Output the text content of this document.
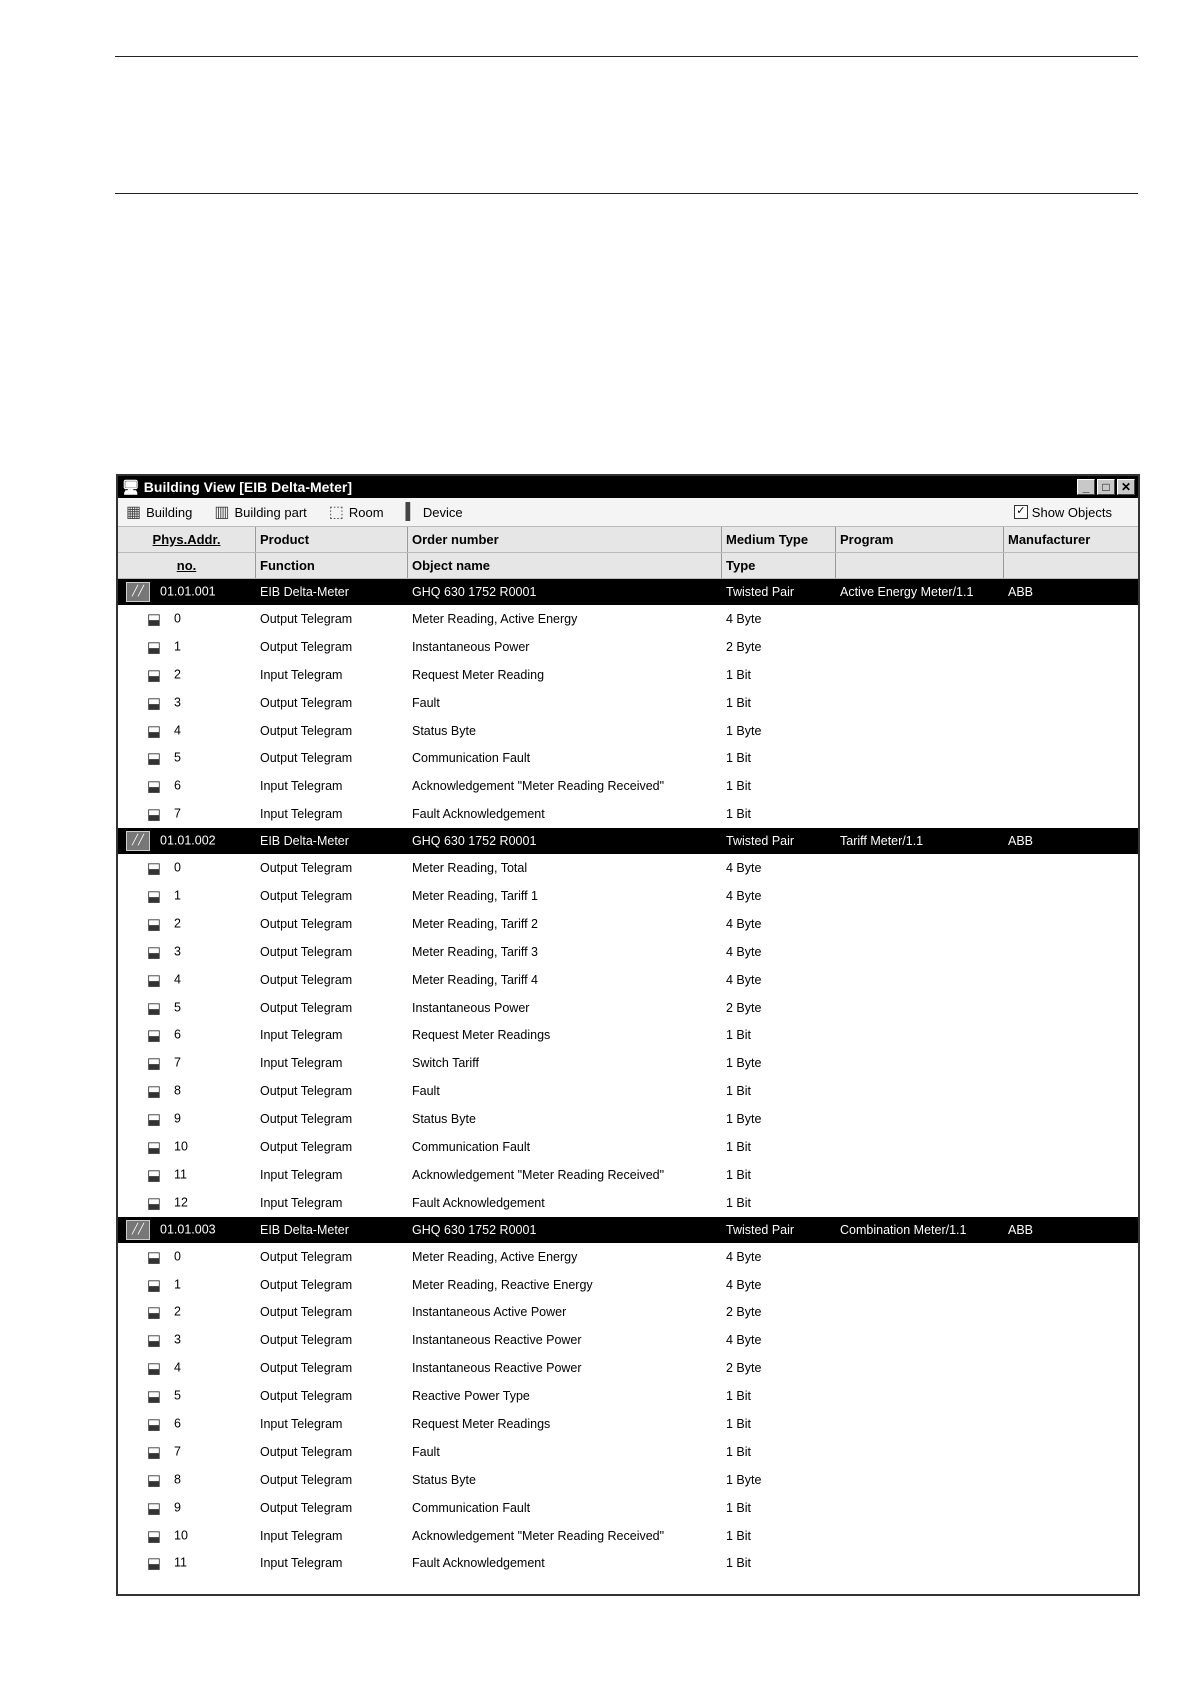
🖥 Building View [EIB Delta-Meter]	_	□ ✕
▦ Building ▥ Building part ⬚ Room ▍ Device	✓ Show Objects
Phys.Addr.	Product	Order number	Medium Type	Program	Manufacturer
no.	Function	Object name	Type
╱╱ 01.01.001	EIB Delta-Meter	GHQ 630 1752 R0001	Twisted Pair	Active Energy Meter/1.1	ABB
⬓ 0	Output Telegram	Meter Reading, Active Energy	4 Byte
⬓ 1	Output Telegram	Instantaneous Power	2 Byte
⬓ 2	Input Telegram	Request Meter Reading	1 Bit
⬓ 3	Output Telegram	Fault	1 Bit
⬓ 4	Output Telegram	Status Byte	1 Byte
⬓ 5	Output Telegram	Communication Fault	1 Bit
⬓ 6	Input Telegram	Acknowledgement "Meter Reading Received"	1 Bit
⬓ 7	Input Telegram	Fault Acknowledgement	1 Bit
╱╱ 01.01.002	EIB Delta-Meter	GHQ 630 1752 R0001	Twisted Pair	Tariff Meter/1.1	ABB
⬓ 0	Output Telegram	Meter Reading, Total	4 Byte
⬓ 1	Output Telegram	Meter Reading, Tariff 1	4 Byte
⬓ 2	Output Telegram	Meter Reading, Tariff 2	4 Byte
⬓ 3	Output Telegram	Meter Reading, Tariff 3	4 Byte
⬓ 4	Output Telegram	Meter Reading, Tariff 4	4 Byte
⬓ 5	Output Telegram	Instantaneous Power	2 Byte
⬓ 6	Input Telegram	Request Meter Readings	1 Bit
⬓ 7	Input Telegram	Switch Tariff	1 Byte
⬓ 8	Output Telegram	Fault	1 Bit
⬓ 9	Output Telegram	Status Byte	1 Byte
⬓ 10	Output Telegram	Communication Fault	1 Bit
⬓ 11	Input Telegram	Acknowledgement "Meter Reading Received"	1 Bit
⬓ 12	Input Telegram	Fault Acknowledgement	1 Bit
╱╱ 01.01.003	EIB Delta-Meter	GHQ 630 1752 R0001	Twisted Pair	Combination Meter/1.1	ABB
⬓ 0	Output Telegram	Meter Reading, Active Energy	4 Byte
⬓ 1	Output Telegram	Meter Reading, Reactive Energy	4 Byte
⬓ 2	Output Telegram	Instantaneous Active Power	2 Byte
⬓ 3	Output Telegram	Instantaneous Reactive Power	4 Byte
⬓ 4	Output Telegram	Instantaneous Reactive Power	2 Byte
⬓ 5	Output Telegram	Reactive Power Type	1 Bit
⬓ 6	Input Telegram	Request Meter Readings	1 Bit
⬓ 7	Output Telegram	Fault	1 Bit
⬓ 8	Output Telegram	Status Byte	1 Byte
⬓ 9	Output Telegram	Communication Fault	1 Bit
⬓ 10	Input Telegram	Acknowledgement "Meter Reading Received"	1 Bit
⬓ 11	Input Telegram	Fault Acknowledgement	1 Bit
